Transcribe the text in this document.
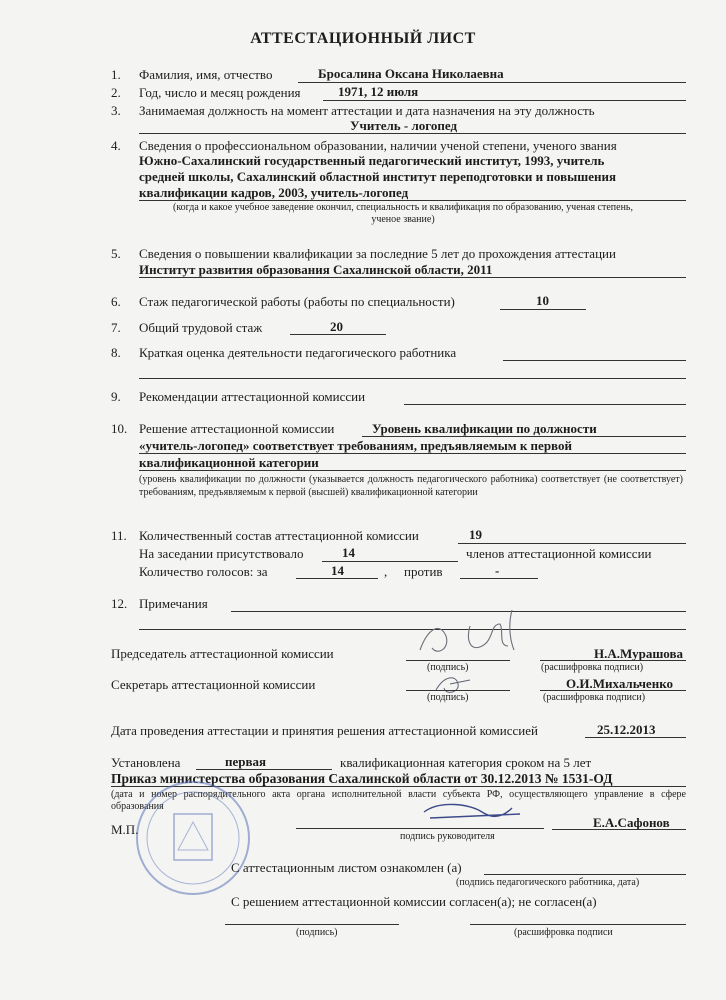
АТТЕСТАЦИОННЫЙ ЛИСТ
1. Фамилия, имя, отчество	Бросалина Оксана Николаевна
2. Год, число и месяц рождения	1971, 12 июля
3. Занимаемая должность на момент аттестации и дата назначения на эту должность
Учитель - логопед
4. Сведения о профессиональном образовании, наличии ученой степени, ученого звания
Южно-Сахалинский государственный педагогический институт, 1993, учитель
средней школы, Сахалинский областной институт переподготовки и повышения
квалификации кадров, 2003, учитель-логопед
(когда и какое учебное заведение окончил, специальность и квалификация по образованию, ученая степень,
ученое звание)
5. Сведения о повышении квалификации за последние 5 лет до прохождения аттестации
Институт развития образования Сахалинской области, 2011
6. Стаж педагогической работы (работы по специальности)	10
7. Общий трудовой стаж	20
8. Краткая оценка деятельности педагогического работника
9. Рекомендации аттестационной комиссии
10. Решение аттестационной комиссии	Уровень квалификации по должности
«учитель-логопед» соответствует требованиям, предъявляемым к первой
квалификационной категории
(уровень квалификации по должности (указывается должность педагогического работника) соответствует (не соответствует) требованиям, предъявляемым к первой (высшей) квалификационной категории
11. Количественный состав аттестационной комиссии	19
На заседании присутствовало	14	членов аттестационной комиссии
Количество голосов: за	14	, против	-
12. Примечания
Председатель аттестационной комиссии	Н.А.Мурашова
(подпись)	(расшифровка подписи)
Секретарь аттестационной комиссии	О.И.Михальченко
(подпись)	(расшифровка подписи)
Дата проведения аттестации и принятия решения аттестационной комиссией	25.12.2013
Установлена	первая	квалификационная категория сроком на 5 лет
Приказ министерства образования Сахалинской области от 30.12.2013 № 1531-ОД
(дата и номер распорядительного акта органа исполнительной власти субъекта РФ, осуществляющего управление в сфере образования
М.П.	подпись руководителя
Е.А.Сафонов
С аттестационным листом ознакомлен (а)
(подпись педагогического работника, дата)
С решением аттестационной комиссии согласен(а); не согласен(а)
(подпись)	(расшифровка подписи
